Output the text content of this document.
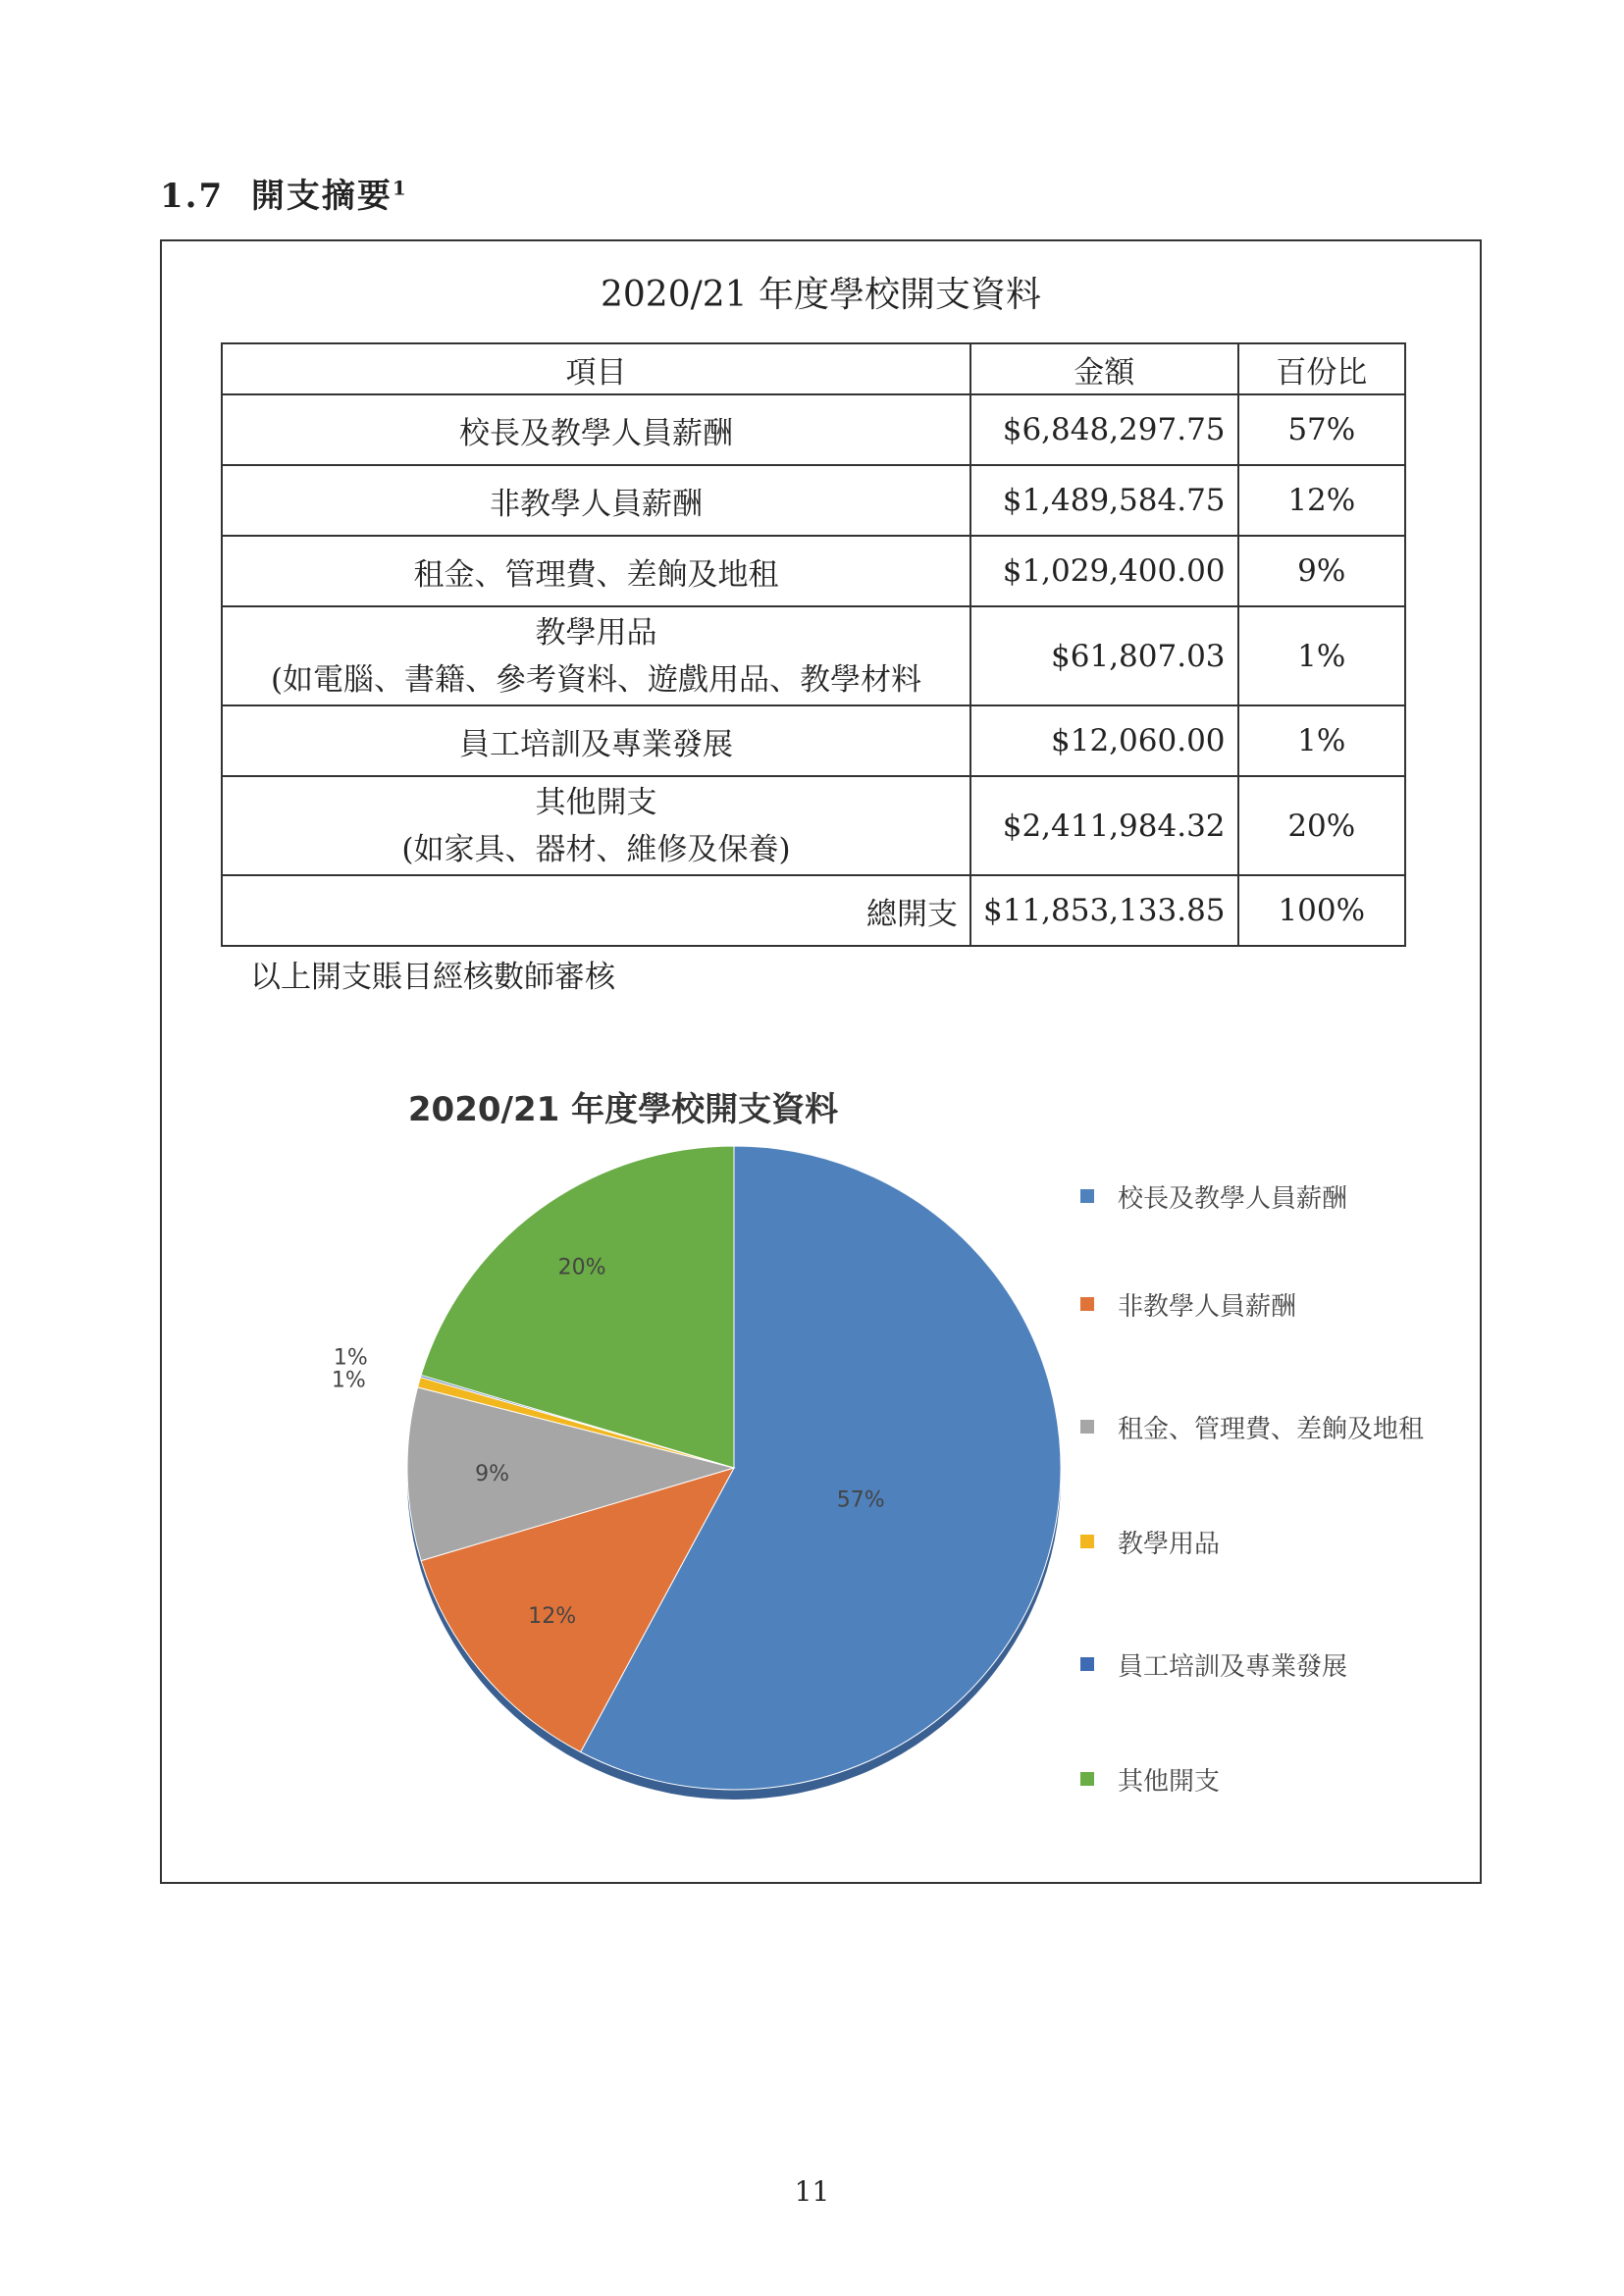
1.7 開支摘要$^1$
2020/21 年度學校開支資料
項目	金額	百份比
校長及教學人員薪酬	$6,848,297.75	57%
非教學人員薪酬	$1,489,584.75	12%
租金、管理費、差餉及地租	$1,029,400.00	9%

教學用品
(如電腦、書籍、參考資料、遊戲用品、教學材料	$61,807.03	1%
員工培訓及專業發展	$12,060.00	1%

其他開支
(如家具、器材、維修及保養)	$2,411,984.32	20%
總開支	$11,853,133.85	100%
以上開支賬目經核數師審核
2020/21 年度學校開支資料
57%
12%
9%
1%
1%
20%
校長及教學人員薪酬
非教學人員薪酬
租金、管理費、差餉及地租
教學用品
員工培訓及專業發展
其他開支
11
